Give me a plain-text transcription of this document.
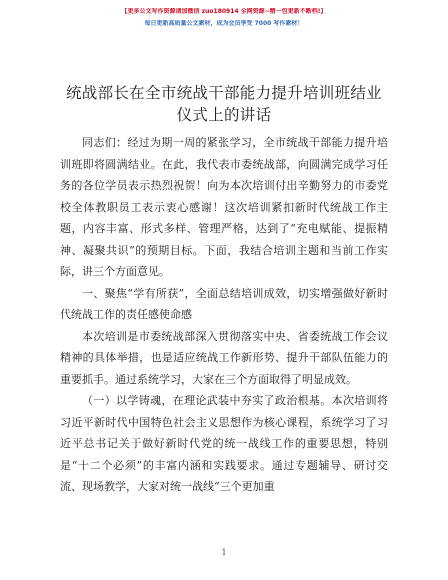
【更多公文写作资源请加微信 zuo180914 全网资源~精一包更新不断档!】
每日更新高质量公文素材，成为会员享受 7000 写作素材！
统战部长在全市统战干部能力提升培训班结业
仪式上的讲话

同志们：经过为期一周的紧张学习，全市统战干部能力提升培训班即将圆满结业。在此，我代表市委统战部，向圆满完成学习任务的各位学员表示热烈祝贺！向为本次培训付出辛勤努力的市委党校全体教职员工表示衷心感谢！这次培训紧扣新时代统战工作主题，内容丰富、形式多样、管理严格，达到了“充电赋能、提振精神、凝聚共识”的预期目标。下面，我结合培训主题和当前工作实际，讲三个方面意见。

一、聚焦“学有所获”，全面总结培训成效，切实增强做好新时代统战工作的责任感使命感

本次培训是市委统战部深入贯彻落实中央、省委统战工作会议精神的具体举措，也是适应统战工作新形势、提升干部队伍能力的重要抓手。通过系统学习，大家在三个方面取得了明显成效。

（一）以学铸魂，在理论武装中夯实了政治根基。本次培训将习近平新时代中国特色社会主义思想作为核心课程，系统学习了习近平总书记关于做好新时代党的统一战线工作的重要思想，特别是“十二个必须”的丰富内涵和实践要求。通过专题辅导、研讨交流、现场教学，大家对统一战线“三个更加重

1
